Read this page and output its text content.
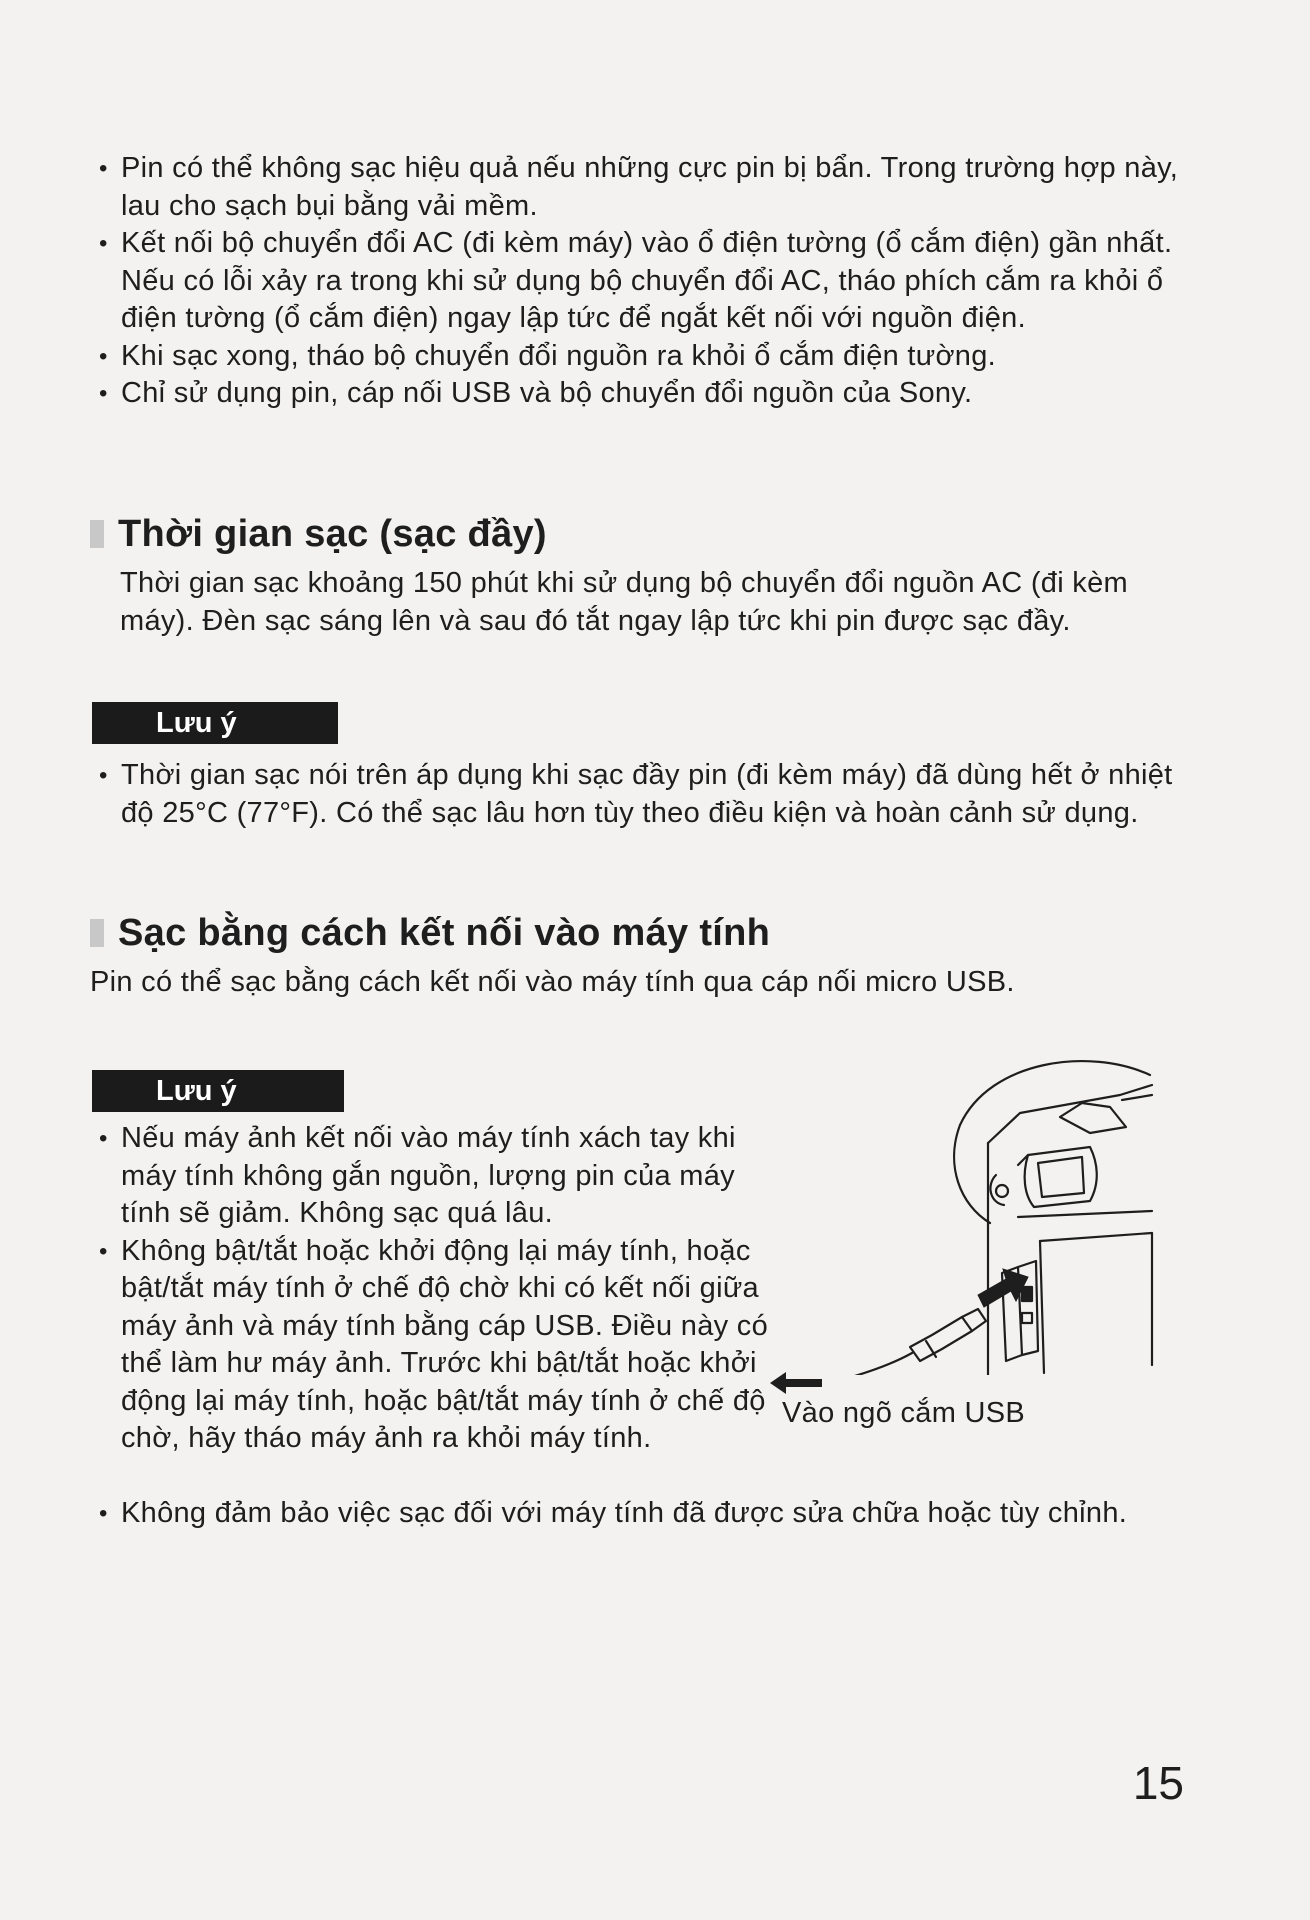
• Pin có thể không sạc hiệu quả nếu những cực pin bị bẩn. Trong trường hợp này, lau cho sạch bụi bằng vải mềm.
• Kết nối bộ chuyển đổi AC (đi kèm máy) vào ổ điện tường (ổ cắm điện) gần nhất. Nếu có lỗi xảy ra trong khi sử dụng bộ chuyển đổi AC, tháo phích cắm ra khỏi ổ điện tường (ổ cắm điện) ngay lập tức để ngắt kết nối với nguồn điện.
• Khi sạc xong, tháo bộ chuyển đổi nguồn ra khỏi ổ cắm điện tường.
• Chỉ sử dụng pin, cáp nối USB và bộ chuyển đổi nguồn của Sony.
Thời gian sạc (sạc đầy)

Thời gian sạc khoảng 150 phút khi sử dụng bộ chuyển đổi nguồn AC (đi kèm máy). Đèn sạc sáng lên và sau đó tắt ngay lập tức khi pin được sạc đầy.

Lưu ý
• Thời gian sạc nói trên áp dụng khi sạc đầy pin (đi kèm máy) đã dùng hết ở nhiệt độ 25°C (77°F). Có thể sạc lâu hơn tùy theo điều kiện và hoàn cảnh sử dụng.
Sạc bằng cách kết nối vào máy tính

Pin có thể sạc bằng cách kết nối vào máy tính qua cáp nối micro USB.

Lưu ý
• Nếu máy ảnh kết nối vào máy tính xách tay khi máy tính không gắn nguồn, lượng pin của máy tính sẽ giảm. Không sạc quá lâu.
• Không bật/tắt hoặc khởi động lại máy tính, hoặc bật/tắt máy tính ở chế độ chờ khi có kết nối giữa máy ảnh và máy tính bằng cáp USB. Điều này có thể làm hư máy ảnh. Trước khi bật/tắt hoặc khởi động lại máy tính, hoặc bật/tắt máy tính ở chế độ chờ, hãy tháo máy ảnh ra khỏi máy tính.
• Không đảm bảo việc sạc đối với máy tính đã được sửa chữa hoặc tùy chỉnh.
Vào ngõ cắm USB
15
